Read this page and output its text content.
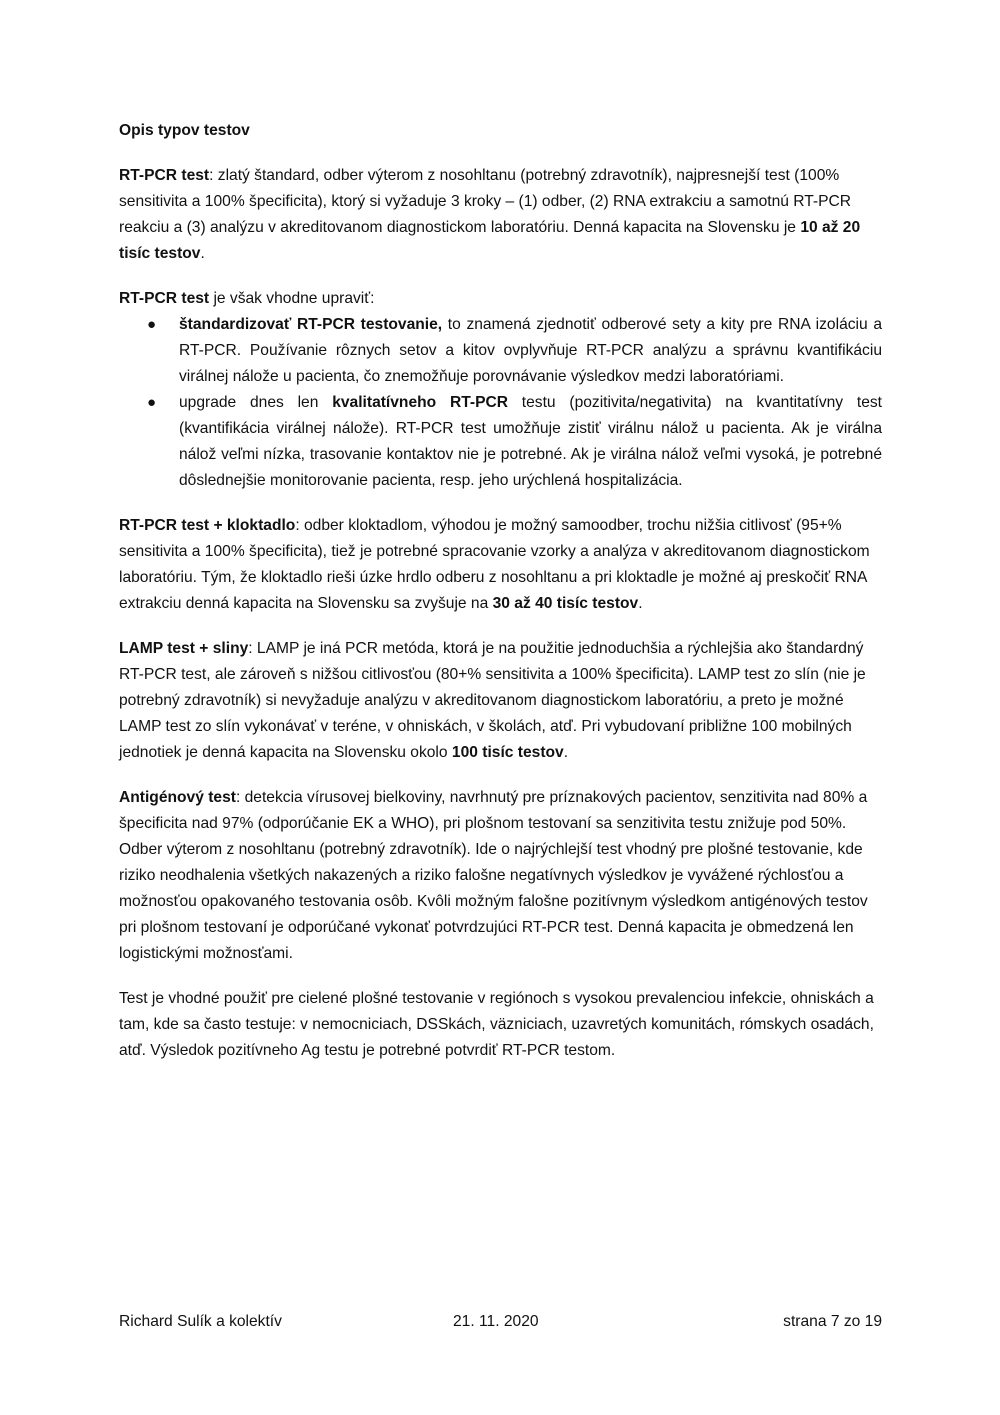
Opis typov testov
RT-PCR test: zlatý štandard, odber výterom z nosohltanu (potrebný zdravotník), najpresnejší test (100% sensitivita a 100% špecificita), ktorý si vyžaduje 3 kroky – (1) odber, (2) RNA extrakciu a samotnú RT-PCR reakciu a (3) analýzu v akreditovanom diagnostickom laboratóriu. Denná kapacita na Slovensku je 10 až 20 tisíc testov.
RT-PCR test je však vhodne upraviť:
● štandardizovať RT-PCR testovanie, to znamená zjednotiť odberové sety a kity pre RNA izoláciu a RT-PCR. Používanie rôznych setov a kitov ovplyvňuje RT-PCR analýzu a správnu kvantifikáciu virálnej nálože u pacienta, čo znemožňuje porovnávanie výsledkov medzi laboratóriami.
● upgrade dnes len kvalitatívneho RT-PCR testu (pozitivita/negativita) na kvantitatívny test (kvantifikácia virálnej nálože). RT-PCR test umožňuje zistiť virálnu nálož u pacienta. Ak je virálna nálož veľmi nízka, trasovanie kontaktov nie je potrebné. Ak je virálna nálož veľmi vysoká, je potrebné dôslednejšie monitorovanie pacienta, resp. jeho urýchlená hospitalizácia.
RT-PCR test + kloktadlo: odber kloktadlom, výhodou je možný samoodber, trochu nižšia citlivosť (95+% sensitivita a 100% špecificita), tiež je potrebné spracovanie vzorky a analýza v akreditovanom diagnostickom laboratóriu. Tým, že kloktadlo rieši úzke hrdlo odberu z nosohltanu a pri kloktadle je možné aj preskočiť RNA extrakciu denná kapacita na Slovensku sa zvyšuje na 30 až 40 tisíc testov.
LAMP test + sliny: LAMP je iná PCR metóda, ktorá je na použitie jednoduchšia a rýchlejšia ako štandardný RT-PCR test, ale zároveň s nižšou citlivosťou (80+% sensitivita a 100% špecificita). LAMP test zo slín (nie je potrebný zdravotník) si nevyžaduje analýzu v akreditovanom diagnostickom laboratóriu, a preto je možné LAMP test zo slín vykonávať v teréne, v ohniskách, v školách, atď. Pri vybudovaní približne 100 mobilných jednotiek je denná kapacita na Slovensku okolo 100 tisíc testov.
Antigénový test: detekcia vírusovej bielkoviny, navrhnutý pre príznakových pacientov, senzitivita nad 80% a špecificita nad 97% (odporúčanie EK a WHO), pri plošnom testovaní sa senzitivita testu znižuje pod 50%. Odber výterom z nosohltanu (potrebný zdravotník). Ide o najrýchlejší test vhodný pre plošné testovanie, kde riziko neodhalenia všetkých nakazených a riziko falošne negatívnych výsledkov je vyvážené rýchlosťou a možnosťou opakovaného testovania osôb. Kvôli možným falošne pozitívnym výsledkom antigénových testov pri plošnom testovaní je odporúčané vykonať potvrdzujúci RT-PCR test. Denná kapacita je obmedzená len logistickými možnosťami.
Test je vhodné použiť pre cielené plošné testovanie v regiónoch s vysokou prevalenciou infekcie, ohniskách a tam, kde sa často testuje: v nemocniciach, DSSkách, väzniciach, uzavretých komunitách, rómskych osadách, atď. Výsledok pozitívneho Ag testu je potrebné potvrdiť RT-PCR testom.
Richard Sulík a kolektív	21. 11. 2020	strana 7 zo 19
